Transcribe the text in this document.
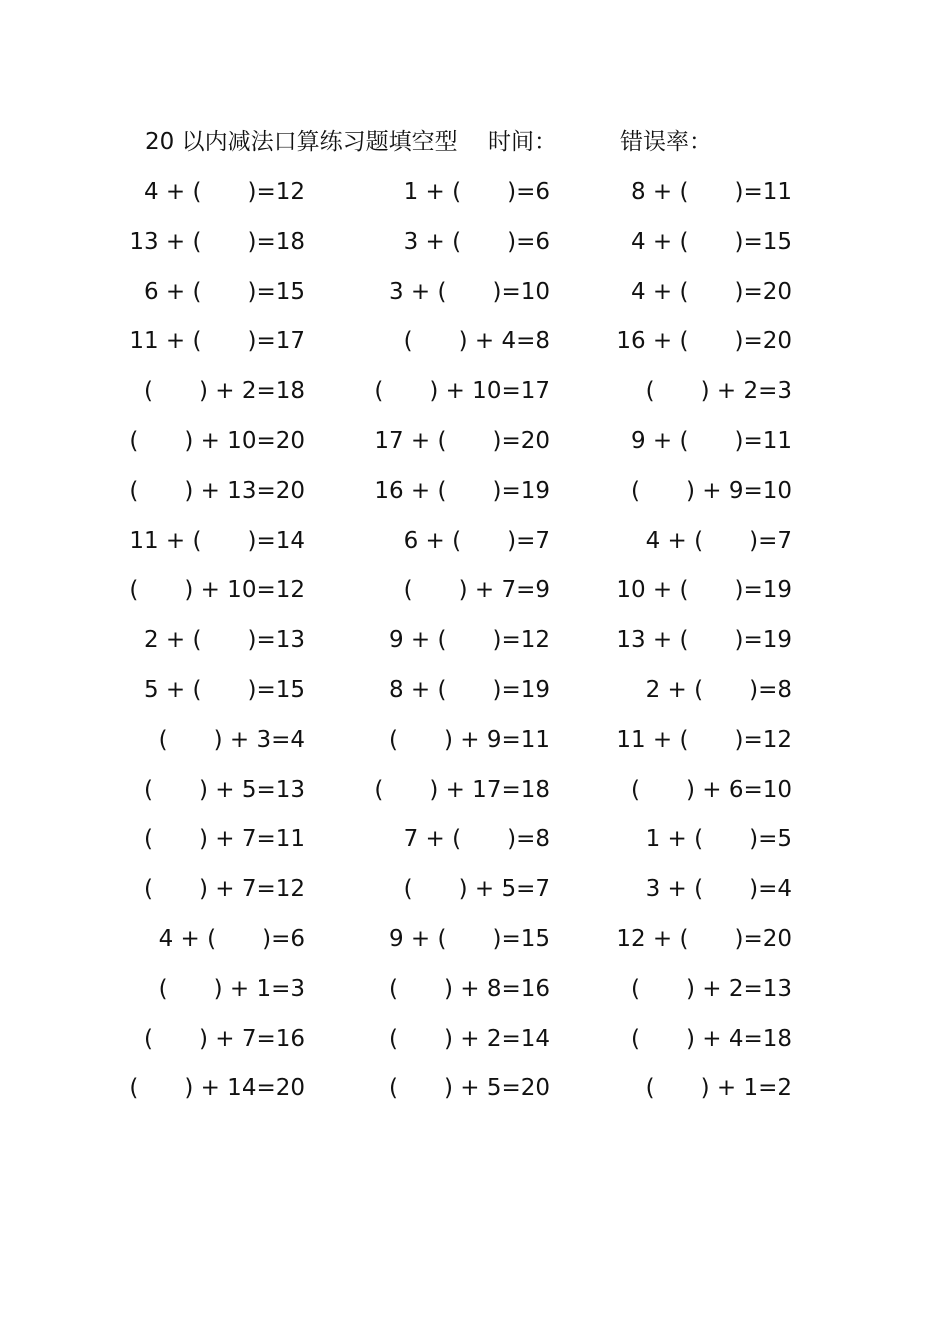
20 以内减法口算练习题填空型 时间：	错误率：
4 + (　　)=12	1 + (　　)=6	8 + (　　)=11
13 + (　　)=18	3 + (　　)=6	4 + (　　)=15
6 + (　　)=15	3 + (　　)=10	4 + (　　)=20
11 + (　　)=17	(　　) + 4=8	16 + (　　)=20
(　　) + 2=18	(　　) + 10=17	(　　) + 2=3
(　　) + 10=20	17 + (　　)=20	9 + (　　)=11
(　　) + 13=20	16 + (　　)=19	(　　) + 9=10
11 + (　　)=14	6 + (　　)=7	4 + (　　)=7
(　　) + 10=12	(　　) + 7=9	10 + (　　)=19
2 + (　　)=13	9 + (　　)=12	13 + (　　)=19
5 + (　　)=15	8 + (　　)=19	2 + (　　)=8
(　　) + 3=4	(　　) + 9=11	11 + (　　)=12
(　　) + 5=13	(　　) + 17=18	(　　) + 6=10
(　　) + 7=11	7 + (　　)=8	1 + (　　)=5
(　　) + 7=12	(　　) + 5=7	3 + (　　)=4
4 + (　　)=6	9 + (　　)=15	12 + (　　)=20
(　　) + 1=3	(　　) + 8=16	(　　) + 2=13
(　　) + 7=16	(　　) + 2=14	(　　) + 4=18
(　　) + 14=20	(　　) + 5=20	(　　) + 1=2
